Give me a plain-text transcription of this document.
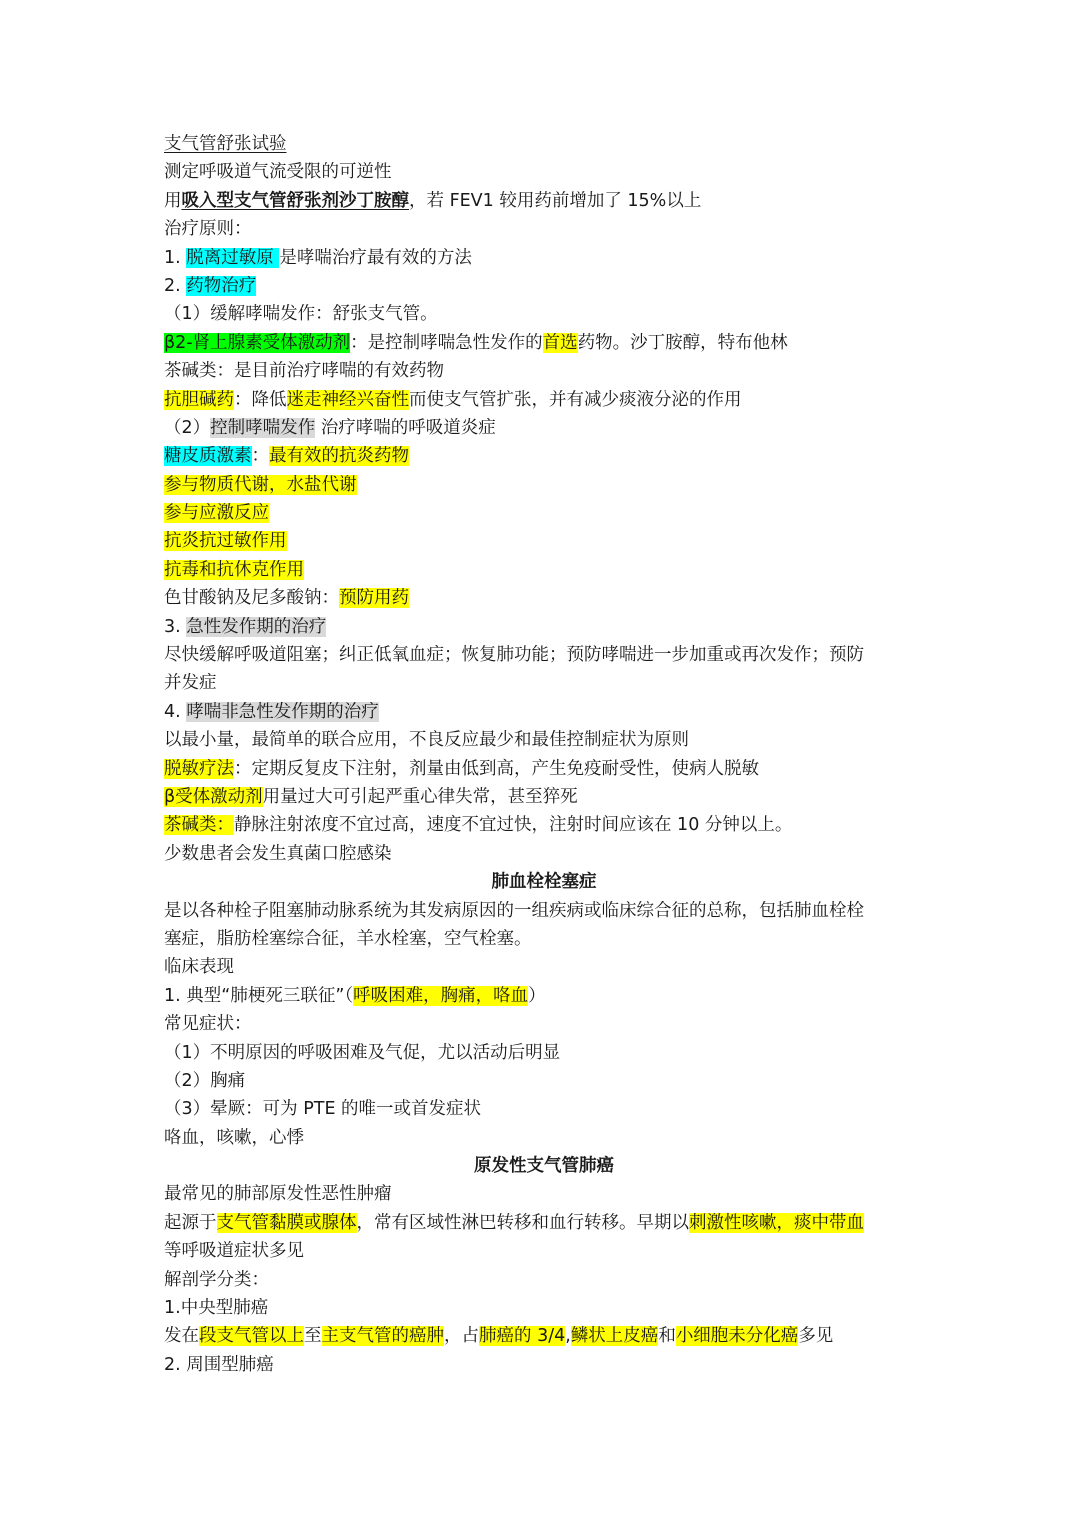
支气管舒张试验
测定呼吸道气流受限的可逆性
用吸入型支气管舒张剂沙丁胺醇，若 FEV1 较用药前增加了 15%以上
治疗原则：
1. 脱离过敏原 是哮喘治疗最有效的方法
2. 药物治疗
（1）缓解哮喘发作：舒张支气管。
β2-肾上腺素受体激动剂：是控制哮喘急性发作的首选药物。沙丁胺醇，特布他林
茶碱类：是目前治疗哮喘的有效药物
抗胆碱药：降低迷走神经兴奋性而使支气管扩张，并有减少痰液分泌的作用
（2）控制哮喘发作 治疗哮喘的呼吸道炎症
糖皮质激素：最有效的抗炎药物
参与物质代谢，水盐代谢
参与应激反应
抗炎抗过敏作用
抗毒和抗休克作用
色甘酸钠及尼多酸钠：预防用药
3. 急性发作期的治疗
尽快缓解呼吸道阻塞；纠正低氧血症；恢复肺功能；预防哮喘进一步加重或再次发作；预防
并发症
4. 哮喘非急性发作期的治疗
以最小量，最简单的联合应用，不良反应最少和最佳控制症状为原则
脱敏疗法：定期反复皮下注射，剂量由低到高，产生免疫耐受性，使病人脱敏
β受体激动剂用量过大可引起严重心律失常，甚至猝死
茶碱类：静脉注射浓度不宜过高，速度不宜过快，注射时间应该在 10 分钟以上。
少数患者会发生真菌口腔感染
肺血栓栓塞症
是以各种栓子阻塞肺动脉系统为其发病原因的一组疾病或临床综合征的总称，包括肺血栓栓
塞症，脂肪栓塞综合征，羊水栓塞，空气栓塞。
临床表现
1. 典型“肺梗死三联征”（呼吸困难，胸痛，咯血）
常见症状：
（1）不明原因的呼吸困难及气促，尤以活动后明显
（2）胸痛
（3）晕厥：可为 PTE 的唯一或首发症状
咯血，咳嗽，心悸
原发性支气管肺癌
最常见的肺部原发性恶性肿瘤
起源于支气管黏膜或腺体，常有区域性淋巴转移和血行转移。早期以刺激性咳嗽，痰中带血
等呼吸道症状多见
解剖学分类：
1.中央型肺癌
发在段支气管以上至主支气管的癌肿，占肺癌的 3/4,鳞状上皮癌和小细胞未分化癌多见
2. 周围型肺癌
